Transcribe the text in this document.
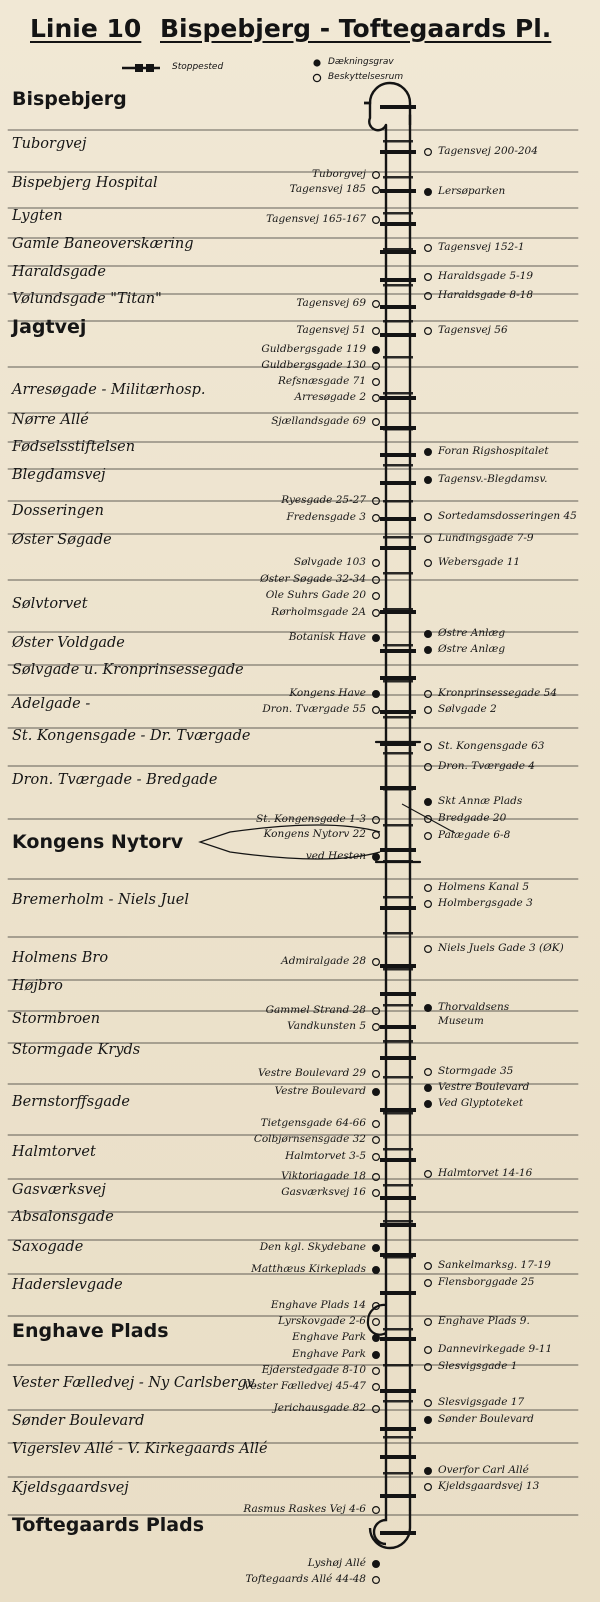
Linie 10 Bispebjerg - Toftegaards Pl.
Stoppested	Dækningsgrav
Beskyttelsesrum
Bispebjerg
Tuborgvej
Bispebjerg Hospital
Lygten
Gamle Baneoverskæring
Haraldsgade
Vølundsgade "Titan"
Jagtvej
Arresøgade - Militærhosp.
Nørre Allé
Fødselsstiftelsen
Blegdamsvej
Dosseringen
Øster Søgade
Sølvtorvet
Øster Voldgade
Sølvgade u. Kronprinsessegade
Adelgade -
St. Kongensgade - Dr. Tværgade
Dron. Tværgade - Bredgade
Kongens Nytorv
Bremerholm - Niels Juel
Holmens Bro
Højbro
Stormbroen
Stormgade Kryds
Bernstorffsgade
Halmtorvet
Gasværksvej
Absalonsgade
Saxogade
Haderslevgade
Enghave Plads
Vester Fælledvej - Ny Carlsbergv.
Sønder Boulevard
Vigerslev Allé - V. Kirkegaards Allé
Kjeldsgaardsvej
Toftegaards Plads
Tuborgvej
Tagensvej 185
Tagensvej 165-167
Tagensvej 69
Tagensvej 51
Guldbergsgade 119
Guldbergsgade 130
Refsnæsgade 71
Arresøgade 2
Sjællandsgade 69
Ryesgade 25-27
Fredensgade 3
Sølvgade 103
Øster Søgade 32-34
Ole Suhrs Gade 20
Rørholmsgade 2A
Botanisk Have
Kongens Have
Dron. Tværgade 55
St. Kongensgade 1-3
Kongens Nytorv 22
ved Hesten
Admiralgade 28
Gammel Strand 28
Vandkunsten 5
Vestre Boulevard 29
Vestre Boulevard
Tietgensgade 64-66
Colbjørnsensgade 32
Halmtorvet 3-5
Viktoriagade 18
Gasværksvej 16
Den kgl. Skydebane
Matthæus Kirkeplads
Enghave Plads 14
Lyrskovgade 2-6
Enghave Park
Enghave Park
Ejderstedgade 8-10
Vester Fælledvej 45-47
Jerichausgade 82
Rasmus Raskes Vej 4-6
Lyshøj Allé
Toftegaards Allé 44-48
Tagensvej 200-204
Lersøparken
Tagensvej 152-1
Haraldsgade 5-19
Haraldsgade 8-18
Tagensvej 56
Foran Rigshospitalet
Tagensv.-Blegdamsv.
Sortedamsdosseringen 45
Lundingsgade 7-9
Webersgade 11
Østre Anlæg
Østre Anlæg
Kronprinsessegade 54
Sølvgade 2
St. Kongensgade 63
Dron. Tværgade 4
Skt Annæ Plads
Bredgade 20
Palægade 6-8
Holmens Kanal 5
Holmbergsgade 3
Niels Juels Gade 3 (ØK)
Thorvaldsens
Museum
Stormgade 35
Vestre Boulevard
Ved Glyptoteket
Halmtorvet 14-16
Sankelmarksg. 17-19
Flensborggade 25
Enghave Plads 9.
Dannevirkegade 9-11
Slesvigsgade 1
Slesvigsgade 17
Sønder Boulevard
Overfor Carl Allé
Kjeldsgaardsvej 13
